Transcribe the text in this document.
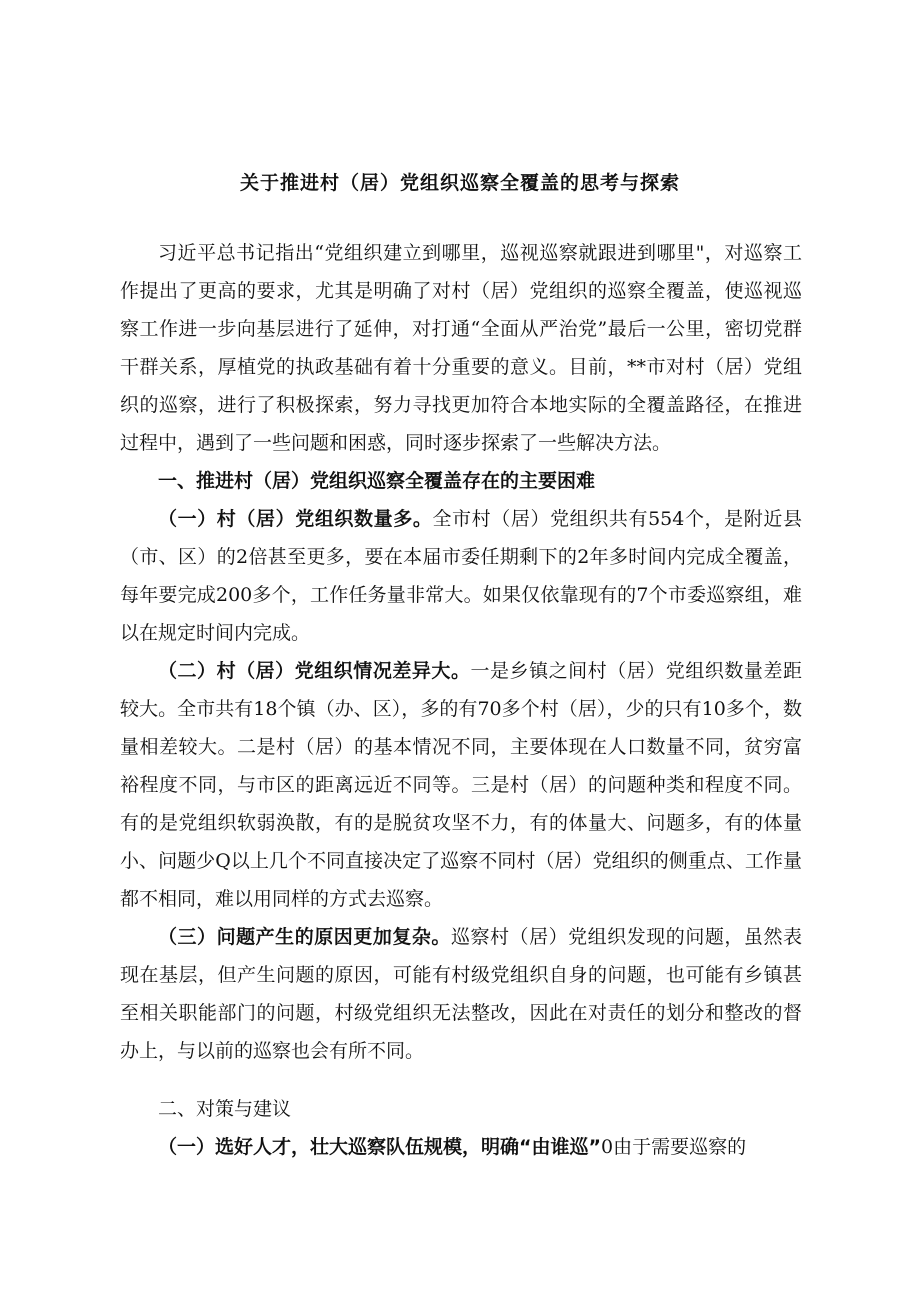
关于推进村（居）党组织巡察全覆盖的思考与探索

习近平总书记指出“党组织建立到哪里，巡视巡察就跟进到哪里"，对巡察工作提出了更高的要求，尤其是明确了对村（居）党组织的巡察全覆盖，使巡视巡察工作进一步向基层进行了延伸，对打通“全面从严治党”最后一公里，密切党群干群关系，厚植党的执政基础有着十分重要的意义。目前，**市对村（居）党组织的巡察，进行了积极探索，努力寻找更加符合本地实际的全覆盖路径，在推进过程中，遇到了一些问题和困惑，同时逐步探索了一些解决方法。

一、推进村（居）党组织巡察全覆盖存在的主要困难

（一）村（居）党组织数量多。全市村（居）党组织共有554个，是附近县（市、区）的2倍甚至更多，要在本届市委任期剩下的2年多时间内完成全覆盖，每年要完成200多个，工作任务量非常大。如果仅依靠现有的7个市委巡察组，难以在规定时间内完成。

（二）村（居）党组织情况差异大。一是乡镇之间村（居）党组织数量差距较大。全市共有18个镇（办、区），多的有70多个村（居），少的只有10多个，数量相差较大。二是村（居）的基本情况不同，主要体现在人口数量不同，贫穷富裕程度不同，与市区的距离远近不同等。三是村（居）的问题种类和程度不同。有的是党组织软弱涣散，有的是脱贫攻坚不力，有的体量大、问题多，有的体量小、问题少Q以上几个不同直接决定了巡察不同村（居）党组织的侧重点、工作量都不相同，难以用同样的方式去巡察。

（三）问题产生的原因更加复杂。巡察村（居）党组织发现的问题，虽然表现在基层，但产生问题的原因，可能有村级党组织自身的问题，也可能有乡镇甚至相关职能部门的问题，村级党组织无法整改，因此在对责任的划分和整改的督办上，与以前的巡察也会有所不同。

二、对策与建议

（一）选好人才，壮大巡察队伍规模，明确“由谁巡”0由于需要巡察的
